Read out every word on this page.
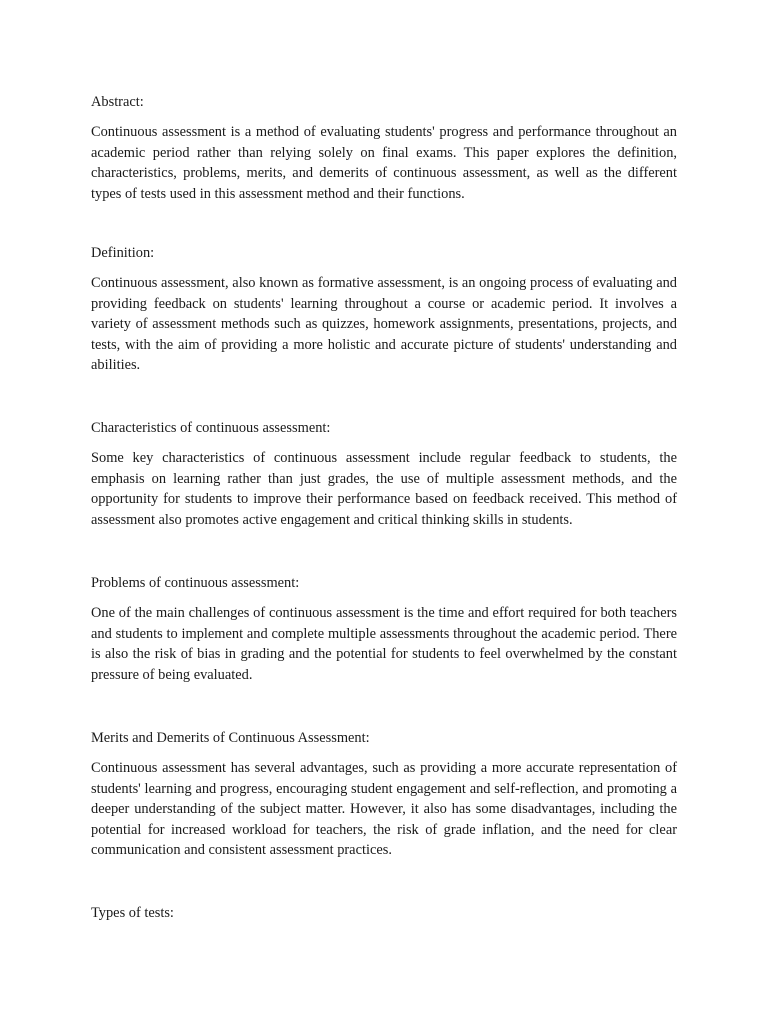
Abstract:

Continuous assessment is a method of evaluating students' progress and performance throughout an academic period rather than relying solely on final exams. This paper explores the definition, characteristics, problems, merits, and demerits of continuous assessment, as well as the different types of tests used in this assessment method and their functions.

Definition:

Continuous assessment, also known as formative assessment, is an ongoing process of evaluating and providing feedback on students' learning throughout a course or academic period. It involves a variety of assessment methods such as quizzes, homework assignments, presentations, projects, and tests, with the aim of providing a more holistic and accurate picture of students' understanding and abilities.

Characteristics of continuous assessment:

Some key characteristics of continuous assessment include regular feedback to students, the emphasis on learning rather than just grades, the use of multiple assessment methods, and the opportunity for students to improve their performance based on feedback received. This method of assessment also promotes active engagement and critical thinking skills in students.

Problems of continuous assessment:

One of the main challenges of continuous assessment is the time and effort required for both teachers and students to implement and complete multiple assessments throughout the academic period. There is also the risk of bias in grading and the potential for students to feel overwhelmed by the constant pressure of being evaluated.

Merits and Demerits of Continuous Assessment:

Continuous assessment has several advantages, such as providing a more accurate representation of students' learning and progress, encouraging student engagement and self-reflection, and promoting a deeper understanding of the subject matter. However, it also has some disadvantages, including the potential for increased workload for teachers, the risk of grade inflation, and the need for clear communication and consistent assessment practices.

Types of tests:
